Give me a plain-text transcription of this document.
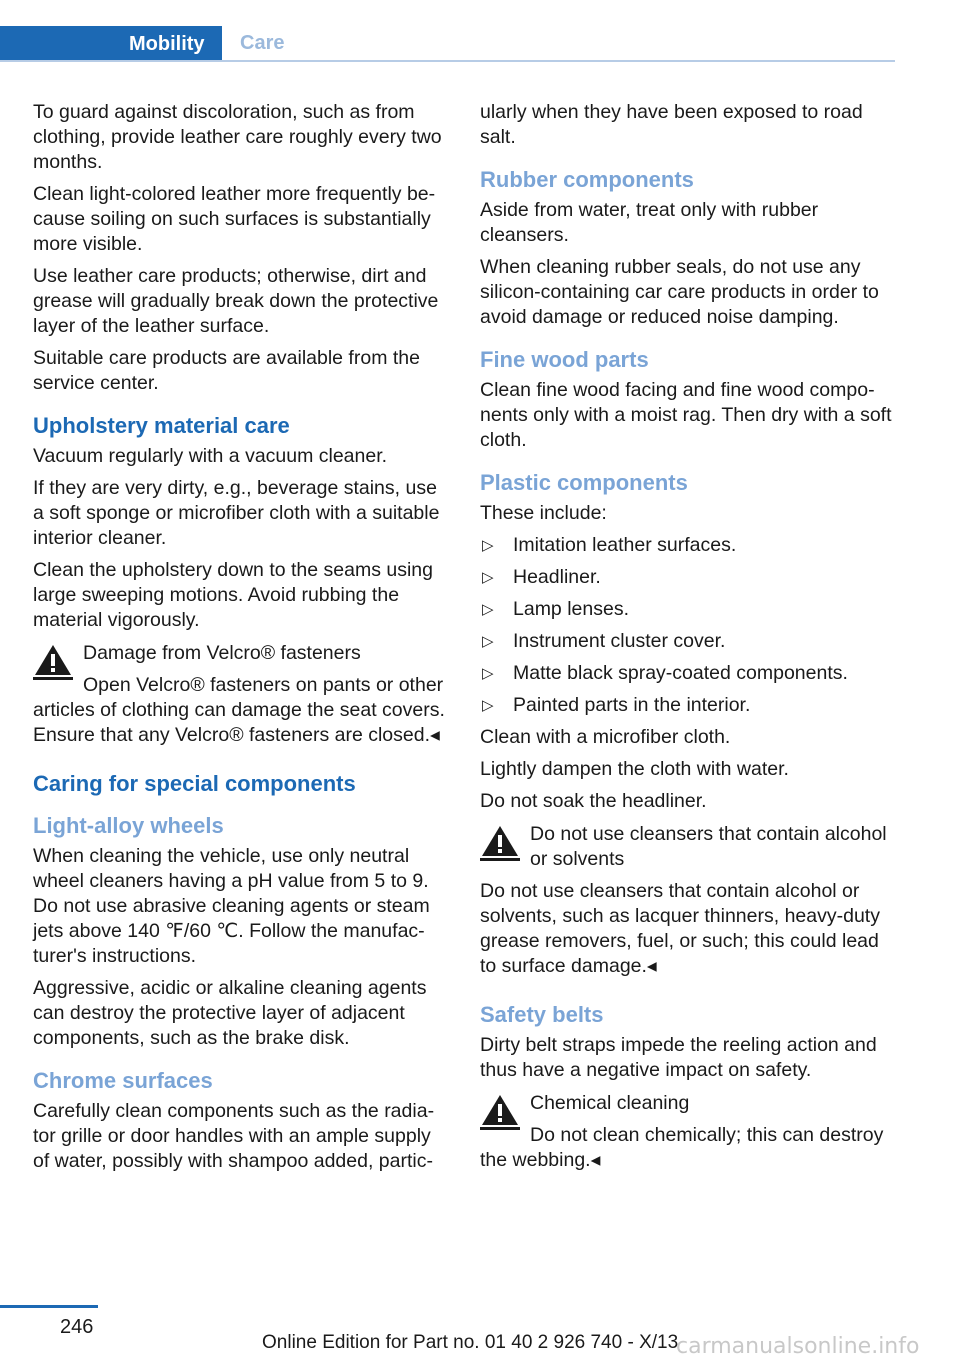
Mobility	Care

To guard against discoloration, such as from clothing, provide leather care roughly every two months.

Clean light-colored leather more frequently because soiling on such surfaces is substantially more visible.

Use leather care products; otherwise, dirt and grease will gradually break down the protective layer of the leather surface.

Suitable care products are available from the service center.

Upholstery material care

Vacuum regularly with a vacuum cleaner.

If they are very dirty, e.g., beverage stains, use a soft sponge or microfiber cloth with a suitable interior cleaner.

Clean the upholstery down to the seams using large sweeping motions. Avoid rubbing the material vigorously.

Damage from Velcro® fasteners
Open Velcro® fasteners on pants or other articles of clothing can damage the seat covers. Ensure that any Velcro® fasteners are closed.◂
Caring for special components
Light-alloy wheels

When cleaning the vehicle, use only neutral wheel cleaners having a pH value from 5 to 9. Do not use abrasive cleaning agents or steam jets above 140 ℉/60 ℃. Follow the manufacturer's instructions.

Aggressive, acidic or alkaline cleaning agents can destroy the protective layer of adjacent components, such as the brake disk.

Chrome surfaces

Carefully clean components such as the radiator grille or door handles with an ample supply of water, possibly with shampoo added, partic-

ularly when they have been exposed to road salt.

Rubber components

Aside from water, treat only with rubber cleansers.

When cleaning rubber seals, do not use any silicon-containing car care products in order to avoid damage or reduced noise damping.

Fine wood parts

Clean fine wood facing and fine wood components only with a moist rag. Then dry with a soft cloth.

Plastic components

These include:

▷ Imitation leather surfaces.
▷ Headliner.
▷ Lamp lenses.
▷ Instrument cluster cover.
▷ Matte black spray-coated components.
▷ Painted parts in the interior.

Clean with a microfiber cloth.

Lightly dampen the cloth with water.

Do not soak the headliner.

Do not use cleansers that contain alcohol or solvents
Do not use cleansers that contain alcohol or solvents, such as lacquer thinners, heavy-duty grease removers, fuel, or such; this could lead to surface damage.◂
Safety belts

Dirty belt straps impede the reeling action and thus have a negative impact on safety.

Chemical cleaning
Do not clean chemically; this can destroy the webbing.◂
246
Online Edition for Part no. 01 40 2 926 740 - X/13
carmanualsonline.info
